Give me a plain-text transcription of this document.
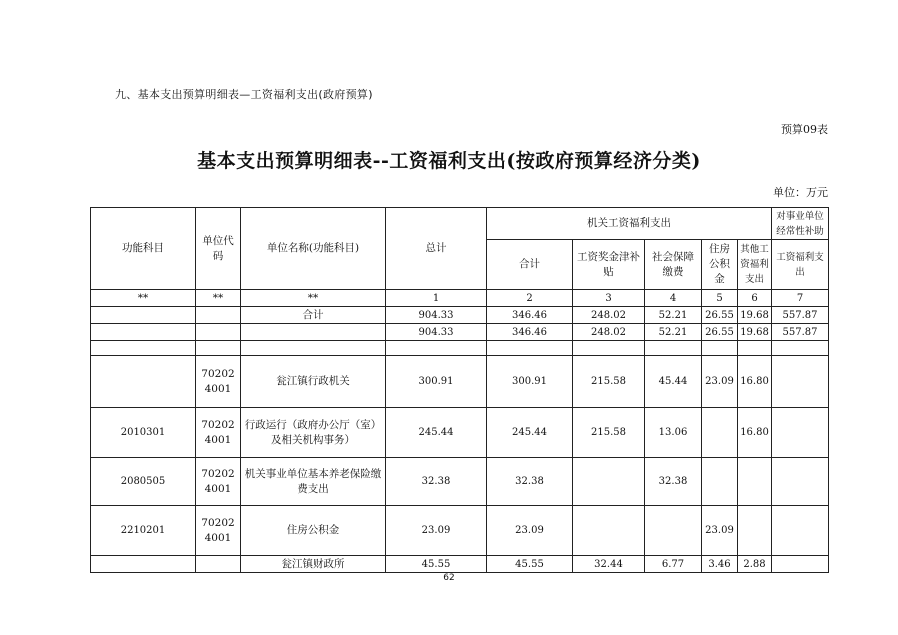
九、基本支出预算明细表—工资福利支出(政府预算)
预算09表
基本支出预算明细表--工资福利支出(按政府预算经济分类)
单位：万元
功能科目	单位代码	单位名称(功能科目)	总计	机关工资福利支出					对事业单位经常性补助
				合计	工资奖金津补贴	社会保障缴费	住房公积金	其他工资福利支出	工资福利支出
**	**	**	1	2	3	4	5	6	7
		合计	904.33	346.46	248.02	52.21	26.55	19.68	557.87
			904.33	346.46	248.02	52.21	26.55	19.68	557.87

	702024001	瓮江镇行政机关	300.91	300.91	215.58	45.44	23.09	16.80	
2010301	702024001	行政运行（政府办公厅（室）及相关机构事务）	245.44	245.44	215.58	13.06		16.80	
2080505	702024001	机关事业单位基本养老保险缴费支出	32.38	32.38		32.38			
2210201	702024001	住房公积金	23.09	23.09			23.09		
		瓮江镇财政所	45.55	45.55	32.44	6.77	3.46	2.88	
62
